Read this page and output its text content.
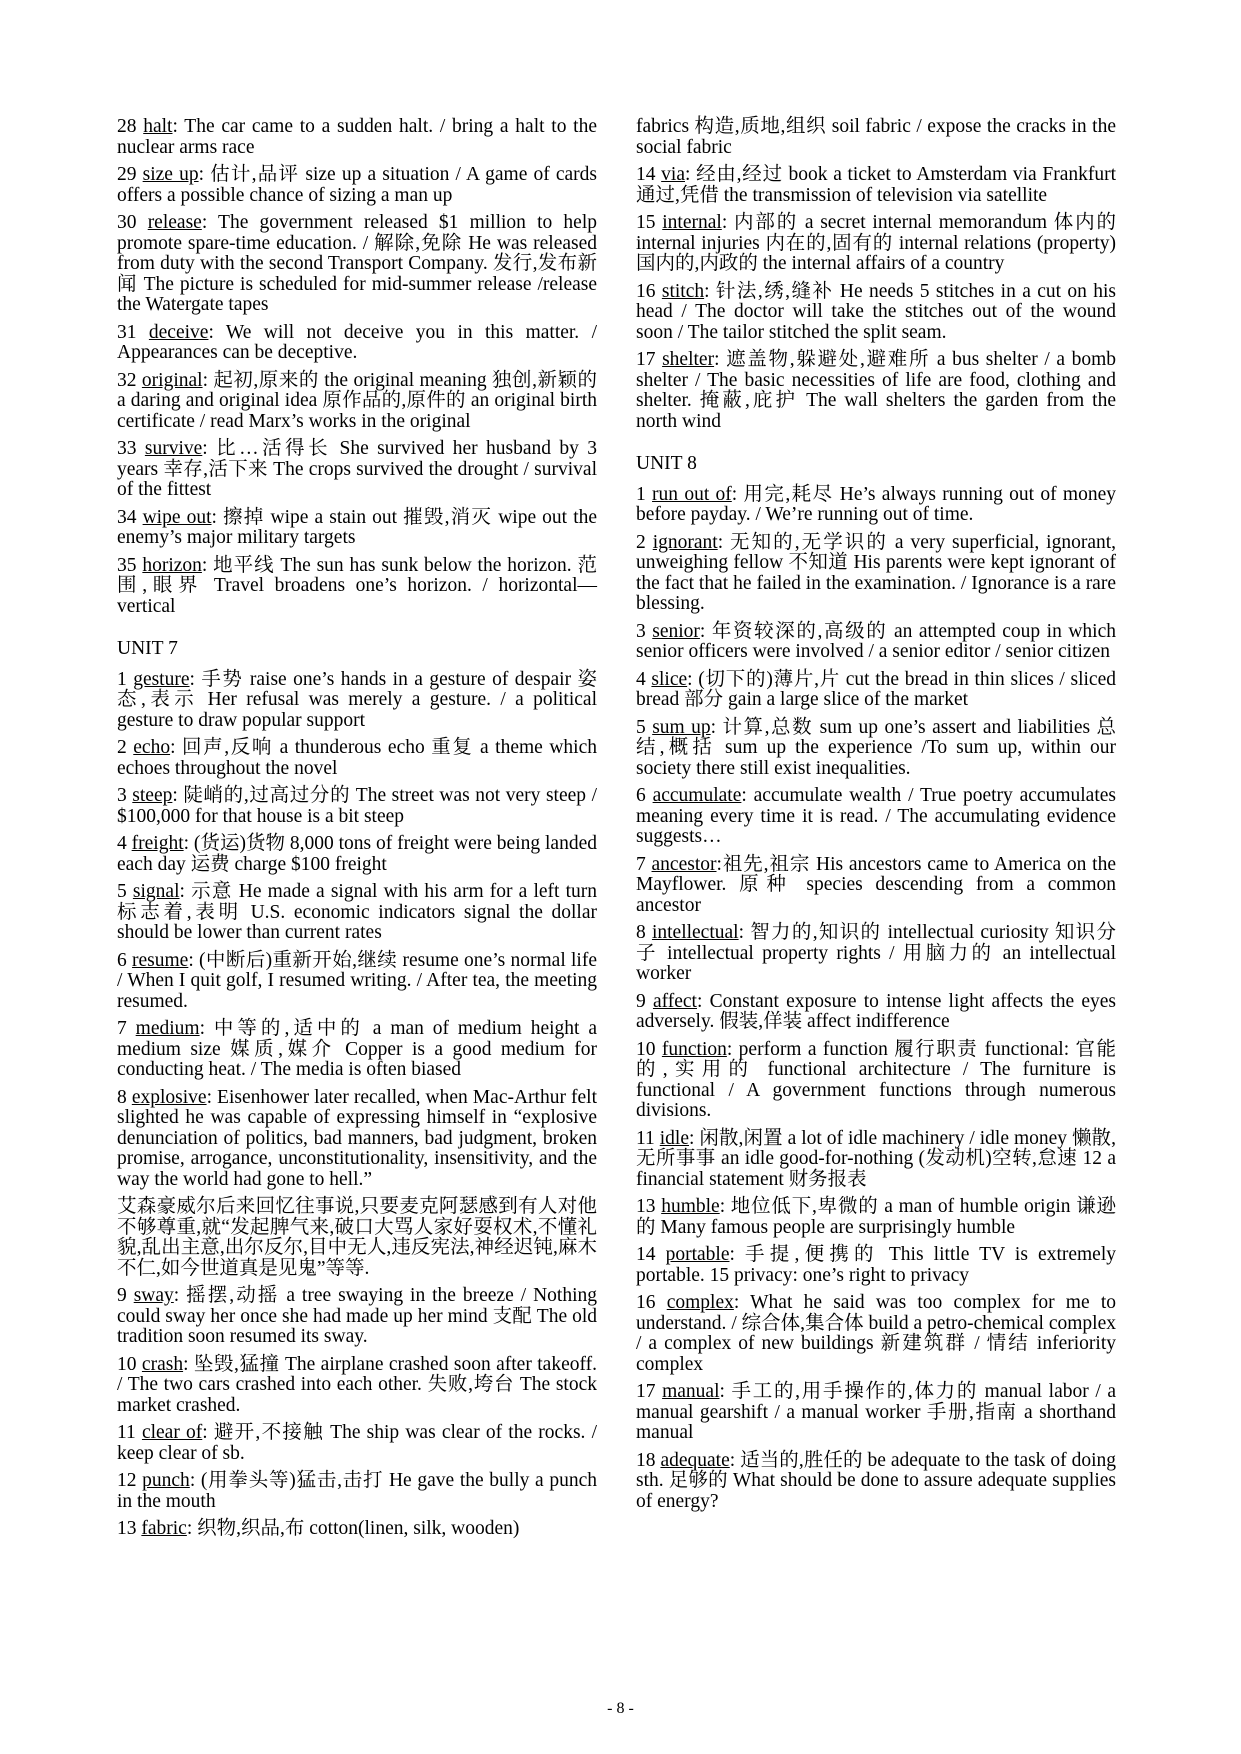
28 halt: The car came to a sudden halt. / bring a halt to the nuclear arms race
29 size up: 估计,品评 size up a situation / A game of cards offers a possible chance of sizing a man up
30 release: The government released $1 million to help promote spare-time education. / 解除,免除 He was released from duty with the second Transport Company. 发行,发布新闻 The picture is scheduled for mid-summer release /release the Watergate tapes
31 deceive: We will not deceive you in this matter. / Appearances can be deceptive.
32 original: 起初,原来的 the original meaning 独创,新颖的 a daring and original idea 原作品的,原件的 an original birth certificate / read Marx’s works in the original
33 survive: 比…活得长 She survived her husband by 3 years 幸存,活下来 The crops survived the drought / survival of the fittest
34 wipe out: 擦掉 wipe a stain out 摧毁,消灭 wipe out the enemy’s major military targets
35 horizon: 地平线 The sun has sunk below the horizon. 范围,眼界 Travel broadens one’s horizon. / horizontal—vertical
UNIT 7
1 gesture: 手势 raise one’s hands in a gesture of despair 姿态,表示 Her refusal was merely a gesture. / a political gesture to draw popular support
2 echo: 回声,反响 a thunderous echo 重复 a theme which echoes throughout the novel
3 steep: 陡峭的,过高过分的 The street was not very steep / $100,000 for that house is a bit steep
4 freight: (货运)货物 8,000 tons of freight were being landed each day 运费 charge $100 freight
5 signal: 示意 He made a signal with his arm for a left turn 标志着,表明 U.S. economic indicators signal the dollar should be lower than current rates
6 resume: (中断后)重新开始,继续 resume one’s normal life / When I quit golf, I resumed writing. / After tea, the meeting resumed.
7 medium: 中等的,适中的 a man of medium height a medium size 媒质,媒介 Copper is a good medium for conducting heat. / The media is often biased
8 explosive: Eisenhower later recalled, when Mac-Arthur felt slighted he was capable of expressing himself in “explosive denunciation of politics, bad manners, bad judgment, broken promise, arrogance, unconstitutionality, insensitivity, and the way the world had gone to hell.”
艾森豪威尔后来回忆往事说,只要麦克阿瑟感到有人对他不够尊重,就“发起脾气来,破口大骂人家好耍权术,不懂礼貌,乱出主意,出尔反尔,目中无人,违反宪法,神经迟钝,麻木不仁,如今世道真是见鬼”等等.
9 sway: 摇摆,动摇 a tree swaying in the breeze / Nothing could sway her once she had made up her mind 支配 The old tradition soon resumed its sway.
10 crash: 坠毁,猛撞 The airplane crashed soon after takeoff. / The two cars crashed into each other. 失败,垮台 The stock market crashed.
11 clear of: 避开,不接触 The ship was clear of the rocks. / keep clear of sb.
12 punch: (用拳头等)猛击,击打 He gave the bully a punch in the mouth
13 fabric: 织物,织品,布 cotton(linen, silk, wooden)
fabrics 构造,质地,组织 soil fabric / expose the cracks in the social fabric
14 via: 经由,经过 book a ticket to Amsterdam via Frankfurt 通过,凭借 the transmission of television via satellite
15 internal: 内部的 a secret internal memorandum 体内的 internal injuries 内在的,固有的 internal relations (property) 国内的,内政的 the internal affairs of a country
16 stitch: 针法,绣,缝补 He needs 5 stitches in a cut on his head / The doctor will take the stitches out of the wound soon / The tailor stitched the split seam.
17 shelter: 遮盖物,躲避处,避难所 a bus shelter / a bomb shelter / The basic necessities of life are food, clothing and shelter. 掩蔽,庇护 The wall shelters the garden from the north wind
UNIT 8
1 run out of: 用完,耗尽 He’s always running out of money before payday. / We’re running out of time.
2 ignorant: 无知的,无学识的 a very superficial, ignorant, unweighing fellow 不知道 His parents were kept ignorant of the fact that he failed in the examination. / Ignorance is a rare blessing.
3 senior: 年资较深的,高级的 an attempted coup in which senior officers were involved / a senior editor / senior citizen
4 slice: (切下的)薄片,片 cut the bread in thin slices / sliced bread 部分 gain a large slice of the market
5 sum up: 计算,总数 sum up one’s assert and liabilities 总结,概括 sum up the experience /To sum up, within our society there still exist inequalities.
6 accumulate: accumulate wealth / True poetry accumulates meaning every time it is read. / The accumulating evidence suggests…
7 ancestor:祖先,祖宗 His ancestors came to America on the Mayflower. 原种 species descending from a common ancestor
8 intellectual: 智力的,知识的 intellectual curiosity 知识分子 intellectual property rights / 用脑力的 an intellectual worker
9 affect: Constant exposure to intense light affects the eyes adversely. 假装,佯装 affect indifference
10 function: perform a function 履行职责 functional: 官能的,实用的 functional architecture / The furniture is functional / A government functions through numerous divisions.
11 idle: 闲散,闲置 a lot of idle machinery / idle money 懒散,无所事事 an idle good-for-nothing (发动机)空转,怠速 12 a financial statement 财务报表
13 humble: 地位低下,卑微的 a man of humble origin 谦逊的 Many famous people are surprisingly humble
14 portable: 手提,便携的 This little TV is extremely portable. 15 privacy: one’s right to privacy
16 complex: What he said was too complex for me to understand. / 综合体,集合体 build a petro-chemical complex / a complex of new buildings 新建筑群 / 情结 inferiority complex
17 manual: 手工的,用手操作的,体力的 manual labor / a manual gearshift / a manual worker 手册,指南 a shorthand manual
18 adequate: 适当的,胜任的 be adequate to the task of doing sth. 足够的 What should be done to assure adequate supplies of energy?
- 8 -
